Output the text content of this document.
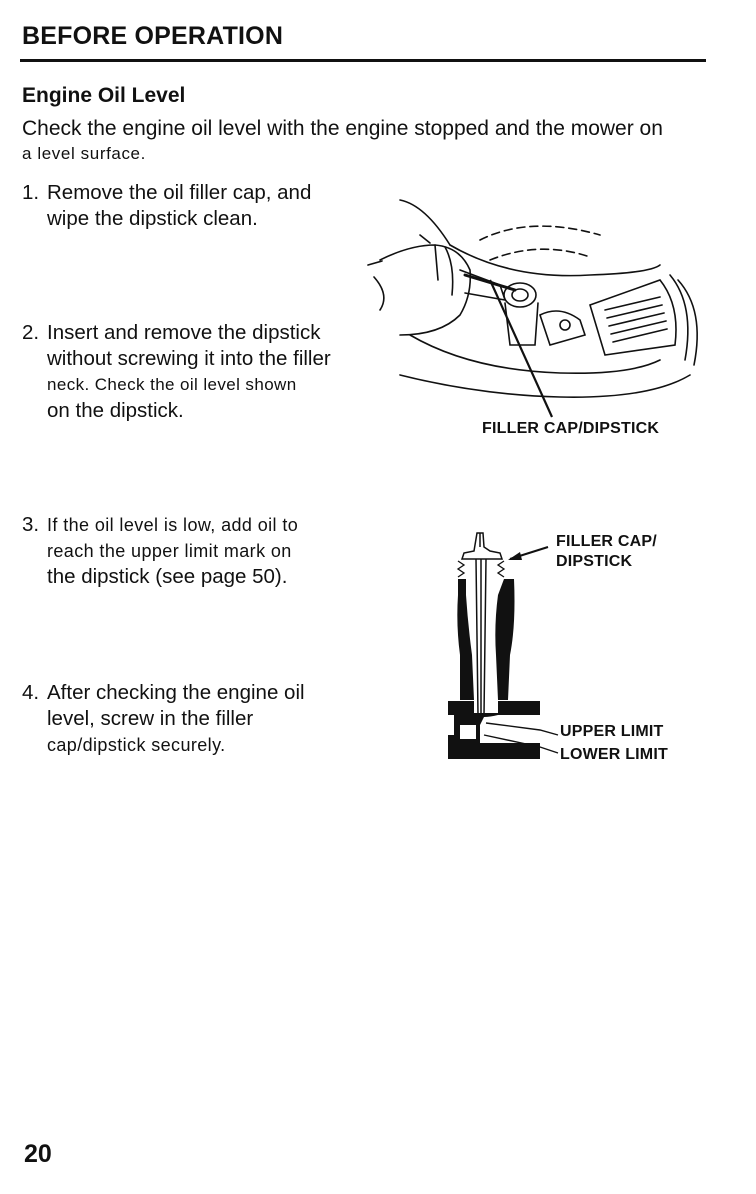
BEFORE OPERATION
Engine Oil Level
Check the engine oil level with the engine stopped and the mower on
a level surface.
1. Remove the oil filler cap, and
wipe the dipstick clean.
2. Insert and remove the dipstick
without screwing it into the filler
neck. Check the oil level shown
on the dipstick.
3. If the oil level is low, add oil to
reach the upper limit mark on
the dipstick (see page 50).
4. After checking the engine oil
level, screw in the filler
cap/dipstick securely.
FILLER CAP/DIPSTICK
FILLER CAP/
DIPSTICK
UPPER LIMIT
LOWER LIMIT
20
